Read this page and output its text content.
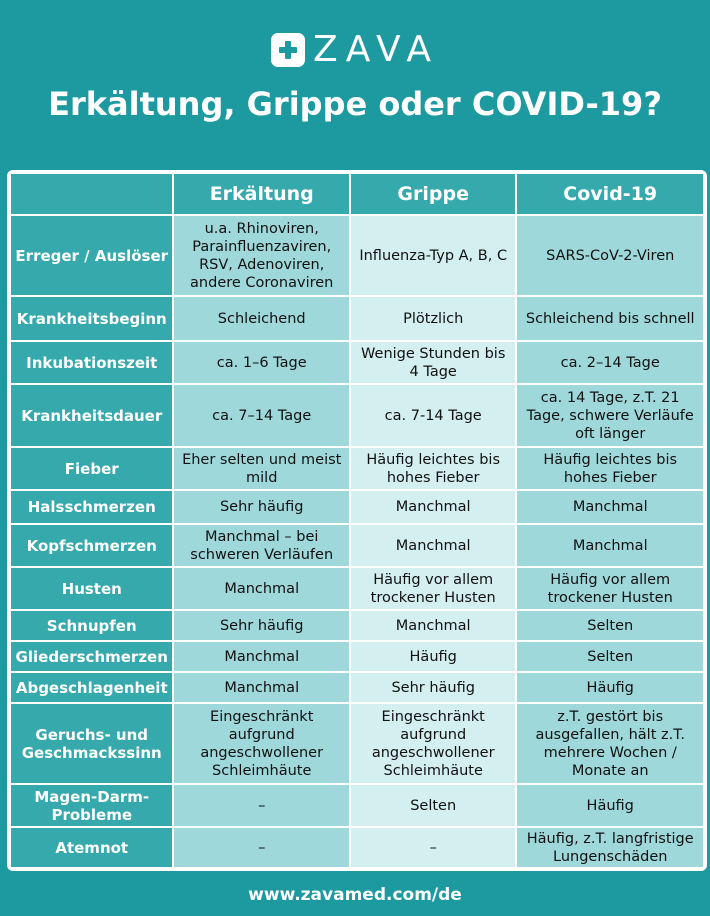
ZAVA
Erkältung, Grippe oder COVID-19?
	Erkältung	Grippe	Covid-19
Erreger / Auslöser	u.a. Rhinoviren, Parainfluenzaviren, RSV, Adenoviren, andere Coronaviren	Influenza-Typ A, B, C	SARS-CoV-2-Viren
Krankheitsbeginn	Schleichend	Plötzlich	Schleichend bis schnell
Inkubationszeit	ca. 1–6 Tage	Wenige Stunden bis 4 Tage	ca. 2–14 Tage
Krankheitsdauer	ca. 7–14 Tage	ca. 7-14 Tage	ca. 14 Tage, z.T. 21 Tage, schwere Verläufe oft länger
Fieber	Eher selten und meist mild	Häufig leichtes bis hohes Fieber	Häufig leichtes bis hohes Fieber
Halsschmerzen	Sehr häufig	Manchmal	Manchmal
Kopfschmerzen	Manchmal – bei schweren Verläufen	Manchmal	Manchmal
Husten	Manchmal	Häufig vor allem trockener Husten	Häufig vor allem trockener Husten
Schnupfen	Sehr häufig	Manchmal	Selten
Gliederschmerzen	Manchmal	Häufig	Selten
Abgeschlagenheit	Manchmal	Sehr häufig	Häufig
Geruchs- und Geschmackssinn	Eingeschränkt aufgrund angeschwollener Schleimhäute	Eingeschränkt aufgrund angeschwollener Schleimhäute	z.T. gestört bis ausgefallen, hält z.T. mehrere Wochen / Monate an
Magen-Darm-Probleme	–	Selten	Häufig
Atemnot	–	–	Häufig, z.T. langfristige Lungenschäden
www.zavamed.com/de
